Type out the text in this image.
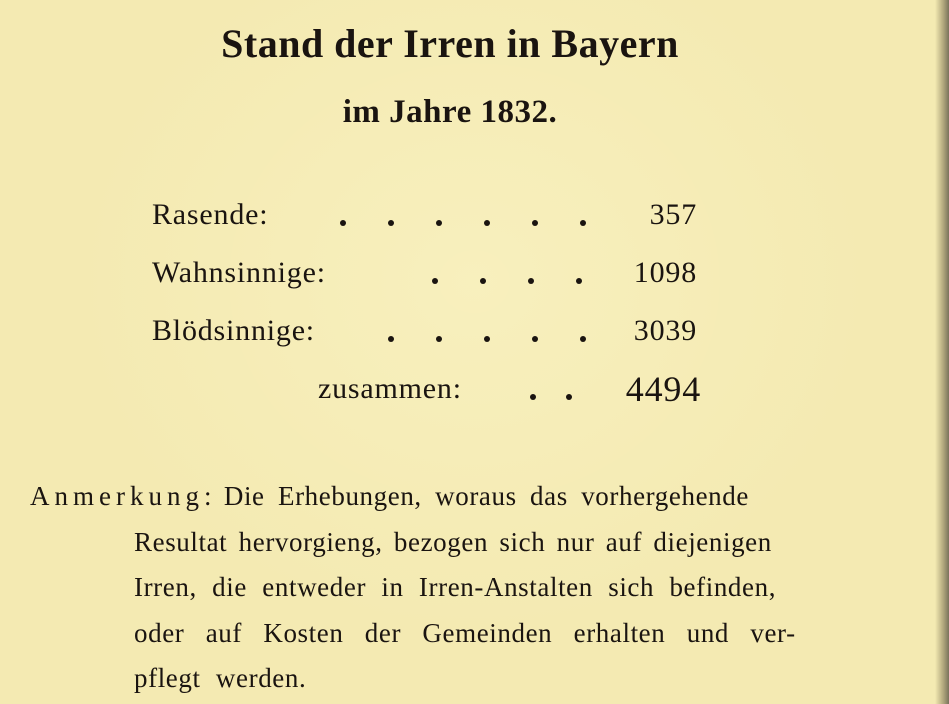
Stand der Irren in Bayern
im Jahre 1832.
Rasende:	357
Wahnsinnige:	1098
Blödsinnige:	3039
zusammen:	4494
Anmerkung: Die Erhebungen, woraus das vorhergehende
Resultat hervorgieng, bezogen sich nur auf diejenigen
Irren, die entweder in Irren-Anstalten sich befinden,
oder auf Kosten der Gemeinden erhalten und ver-
pflegt werden.
